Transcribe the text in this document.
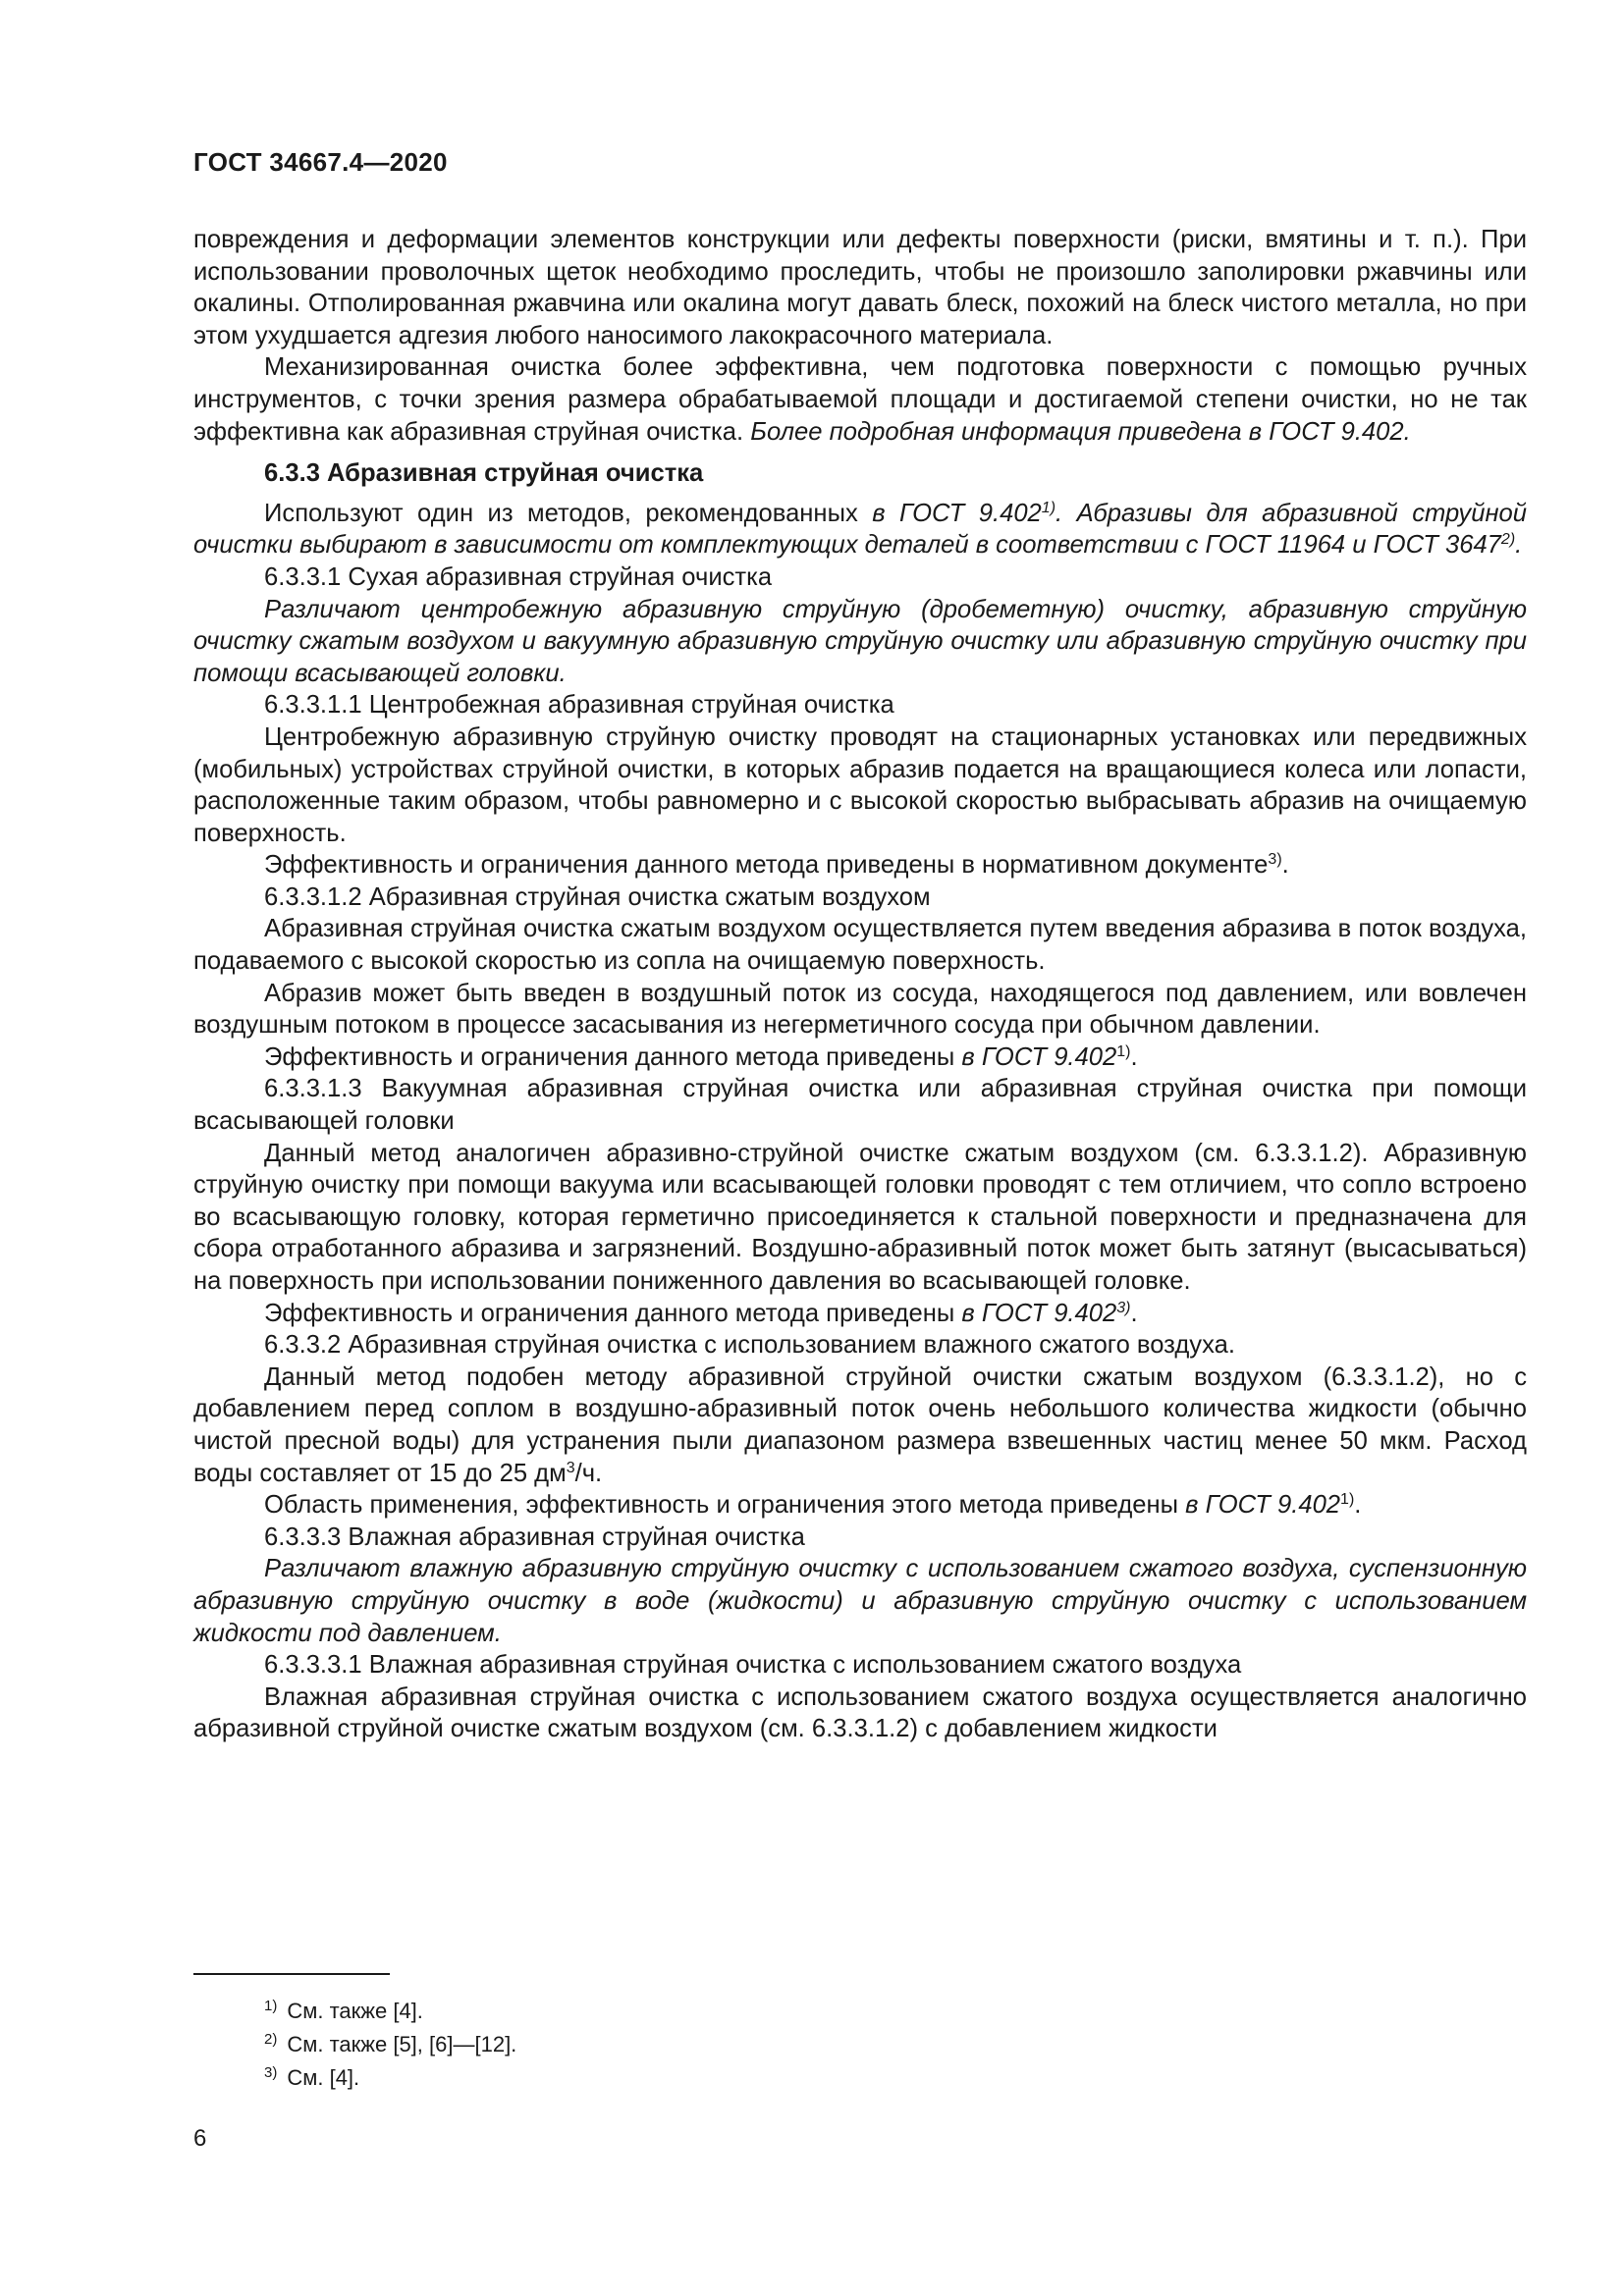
ГОСТ 34667.4—2020

повреждения и деформации элементов конструкции или дефекты поверхности (риски, вмятины и т. п.). При использовании проволочных щеток необходимо проследить, чтобы не произошло заполировки ржавчины или окалины. Отполированная ржавчина или окалина могут давать блеск, похожий на блеск чистого металла, но при этом ухудшается адгезия любого наносимого лакокрасочного материала.

Механизированная очистка более эффективна, чем подготовка поверхности с помощью ручных инструментов, с точки зрения размера обрабатываемой площади и достигаемой степени очистки, но не так эффективна как абразивная струйная очистка. Более подробная информация приведена в ГОСТ 9.402.

6.3.3 Абразивная струйная очистка

Используют один из методов, рекомендованных в ГОСТ 9.402$^{1)}$. Абразивы для абразивной струйной очистки выбирают в зависимости от комплектующих деталей в соответствии с ГОСТ 11964 и ГОСТ 3647$^{2)}$.

6.3.3.1 Сухая абразивная струйная очистка

Различают центробежную абразивную струйную (дробеметную) очистку, абразивную струйную очистку сжатым воздухом и вакуумную абразивную струйную очистку или абразивную струйную очистку при помощи всасывающей головки.

6.3.3.1.1 Центробежная абразивная струйная очистка

Центробежную абразивную струйную очистку проводят на стационарных установках или передвижных (мобильных) устройствах струйной очистки, в которых абразив подается на вращающиеся колеса или лопасти, расположенные таким образом, чтобы равномерно и с высокой скоростью выбрасывать абразив на очищаемую поверхность.

Эффективность и ограничения данного метода приведены в нормативном документе$^{3)}$.

6.3.3.1.2 Абразивная струйная очистка сжатым воздухом

Абразивная струйная очистка сжатым воздухом осуществляется путем введения абразива в поток воздуха, подаваемого с высокой скоростью из сопла на очищаемую поверхность.

Абразив может быть введен в воздушный поток из сосуда, находящегося под давлением, или вовлечен воздушным потоком в процессе засасывания из негерметичного сосуда при обычном давлении.

Эффективность и ограничения данного метода приведены в ГОСТ 9.402$^{1)}$.

6.3.3.1.3 Вакуумная абразивная струйная очистка или абразивная струйная очистка при помощи всасывающей головки

Данный метод аналогичен абразивно-струйной очистке сжатым воздухом (см. 6.3.3.1.2). Абразивную струйную очистку при помощи вакуума или всасывающей головки проводят с тем отличием, что сопло встроено во всасывающую головку, которая герметично присоединяется к стальной поверхности и предназначена для сбора отработанного абразива и загрязнений. Воздушно-абразивный поток может быть затянут (высасываться) на поверхность при использовании пониженного давления во всасывающей головке.

Эффективность и ограничения данного метода приведены в ГОСТ 9.402$^{3)}$.

6.3.3.2 Абразивная струйная очистка с использованием влажного сжатого воздуха.

Данный метод подобен методу абразивной струйной очистки сжатым воздухом (6.3.3.1.2), но с добавлением перед соплом в воздушно-абразивный поток очень небольшого количества жидкости (обычно чистой пресной воды) для устранения пыли диапазоном размера взвешенных частиц менее 50 мкм. Расход воды составляет от 15 до 25 $дм^3/ч$.

Область применения, эффективность и ограничения этого метода приведены в ГОСТ 9.402$^{1)}$.

6.3.3.3 Влажная абразивная струйная очистка

Различают влажную абразивную струйную очистку с использованием сжатого воздуха, суспензионную абразивную струйную очистку в воде (жидкости) и абразивную струйную очистку с использованием жидкости под давлением.

6.3.3.3.1 Влажная абразивная струйная очистка с использованием сжатого воздуха

Влажная абразивная струйная очистка с использованием сжатого воздуха осуществляется аналогично абразивной струйной очистке сжатым воздухом (см. 6.3.3.1.2) с добавлением жидкости

$^{1)}$ См. также [4].

$^{2)}$ См. также [5], [6]—[12].

$^{3)}$ См. [4].

6
